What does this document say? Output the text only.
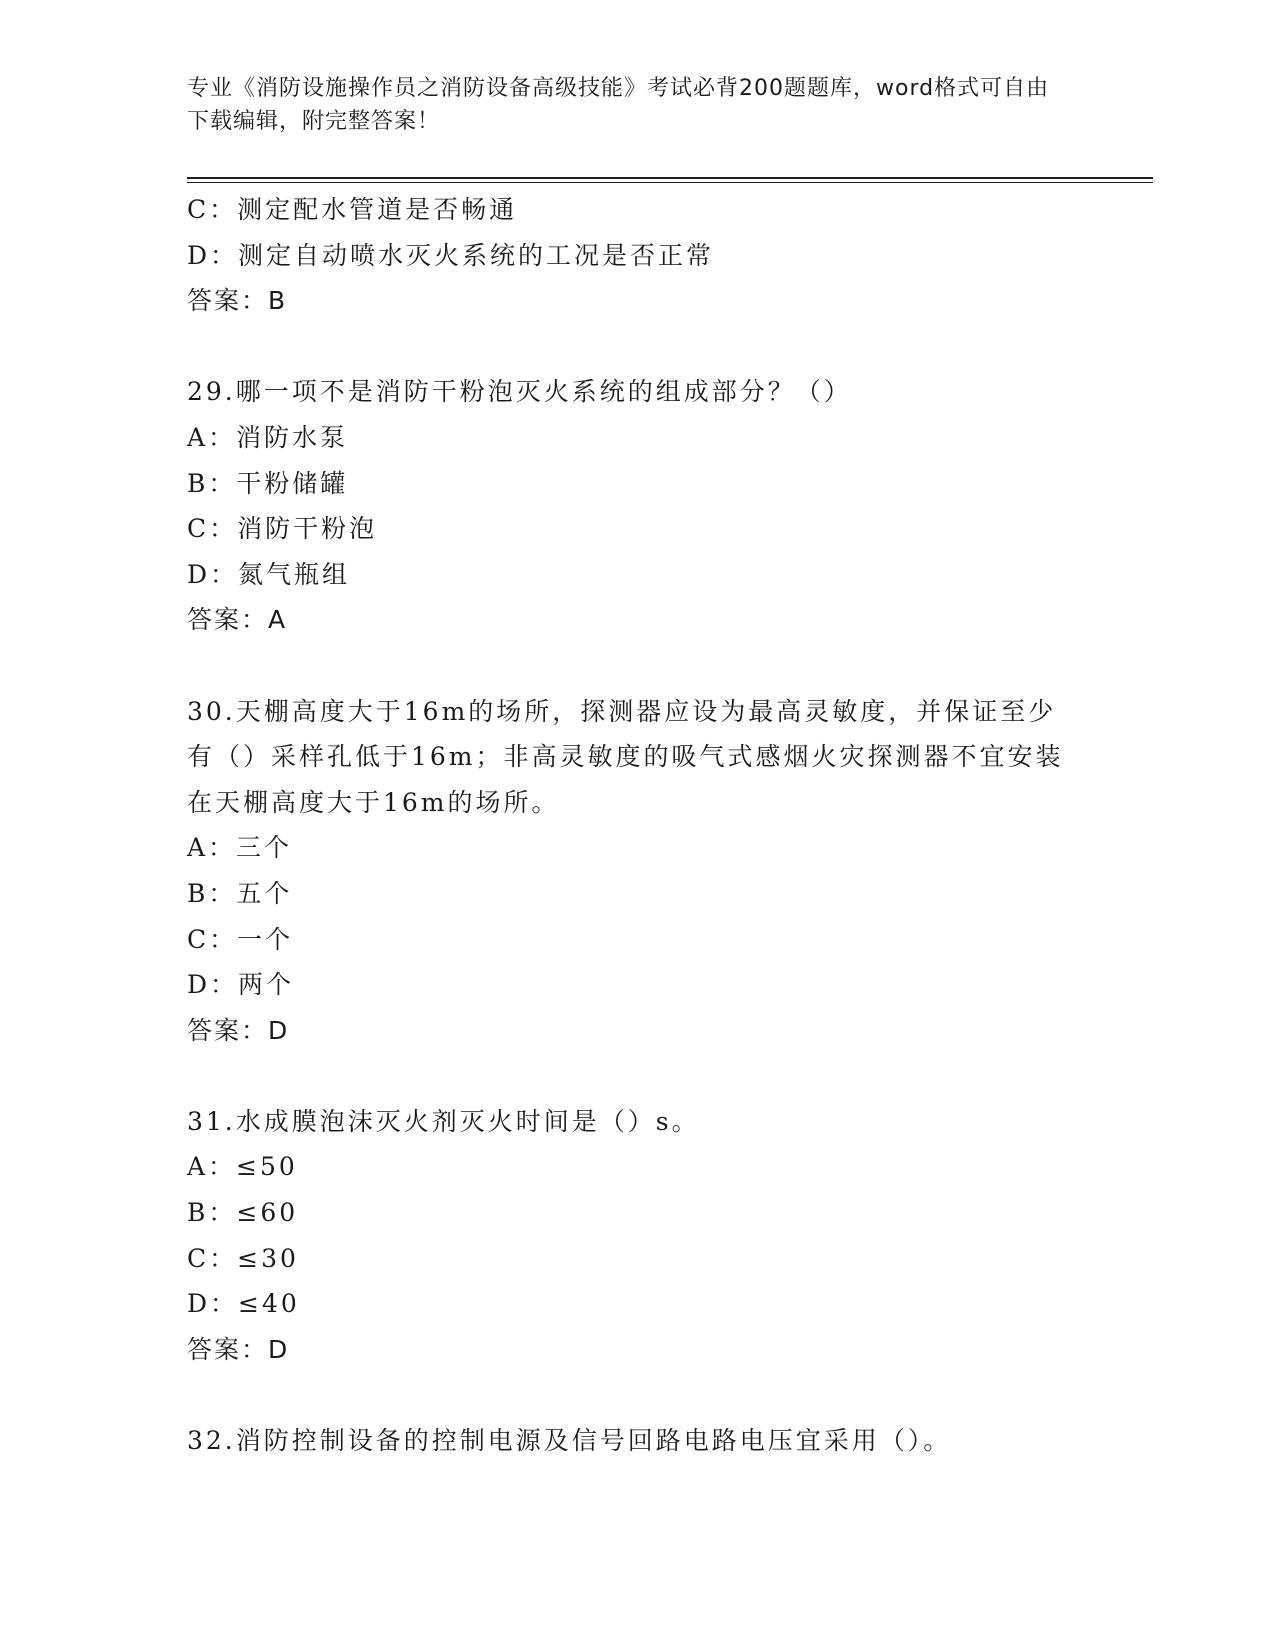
专业《消防设施操作员之消防设备高级技能》考试必背200题题库，word格式可自由下载编辑，附完整答案！
C：测定配水管道是否畅通
D：测定自动喷水灭火系统的工况是否正常
答案：B
29.哪一项不是消防干粉泡灭火系统的组成部分？（）
A：消防水泵
B：干粉储罐
C：消防干粉泡
D：氮气瓶组
答案：A
30.天棚高度大于16m的场所，探测器应设为最高灵敏度，并保证至少
有（）采样孔低于16m；非高灵敏度的吸气式感烟火灾探测器不宜安装
在天棚高度大于16m的场所。
A：三个
B：五个
C：一个
D：两个
答案：D
31.水成膜泡沫灭火剂灭火时间是（）s。
A：≤50
B：≤60
C：≤30
D：≤40
答案：D
32.消防控制设备的控制电源及信号回路电路电压宜采用（）。
